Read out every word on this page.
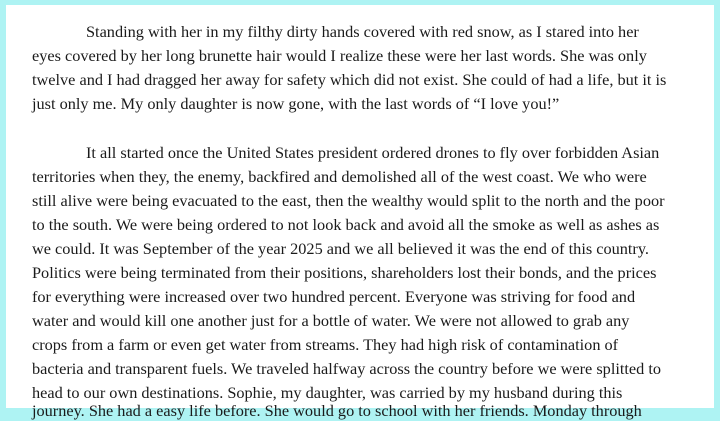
Standing with her in my filthy dirty hands covered with red snow, as I stared into her
eyes covered by her long brunette hair would I realize these were her last words. She was only
twelve and I had dragged her away for safety which did not exist. She could of had a life, but it is
just only me. My only daughter is now gone, with the last words of “I love you!”
It all started once the United States president ordered drones to fly over forbidden Asian
territories when they, the enemy, backfired and demolished all of the west coast. We who were
still alive were being evacuated to the east, then the wealthy would split to the north and the poor
to the south. We were being ordered to not look back and avoid all the smoke as well as ashes as
we could. It was September of the year 2025 and we all believed it was the end of this country.
Politics were being terminated from their positions, shareholders lost their bonds, and the prices
for everything were increased over two hundred percent. Everyone was striving for food and
water and would kill one another just for a bottle of water. We were not allowed to grab any
crops from a farm or even get water from streams. They had high risk of contamination of
bacteria and transparent fuels. We traveled halfway across the country before we were splitted to
head to our own destinations. Sophie, my daughter, was carried by my husband during this
journey. She had a easy life before. She would go to school with her friends. Monday through
